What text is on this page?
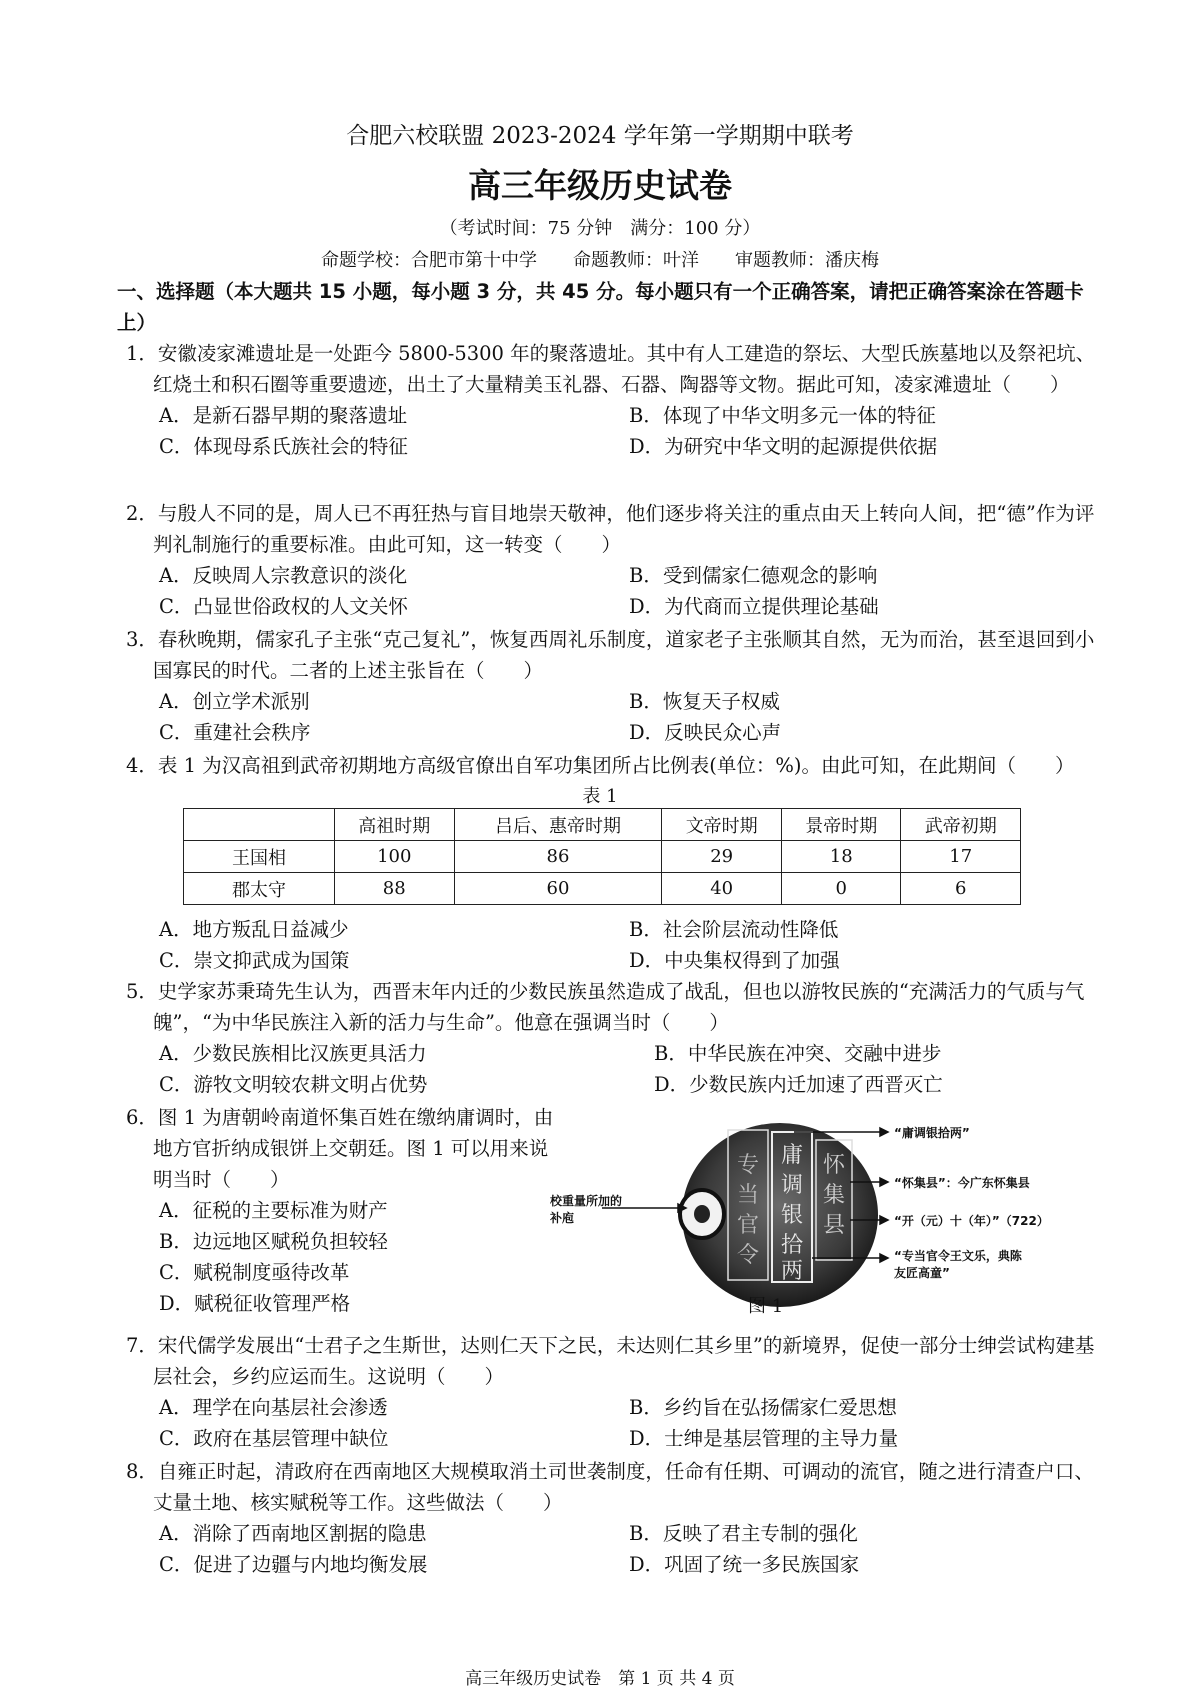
合肥六校联盟 2023-2024 学年第一学期期中联考
高三年级历史试卷
（考试时间：75 分钟　满分：100 分）
命题学校：合肥市第十中学　　命题教师：叶洋　　审题教师：潘庆梅
一、选择题（本大题共 15 小题，每小题 3 分，共 45 分。每小题只有一个正确答案，请把正确答案涂在答题卡上）
1．安徽凌家滩遗址是一处距今 5800-5300 年的聚落遗址。其中有人工建造的祭坛、大型氏族墓地以及祭祀坑、红烧土和积石圈等重要遗迹，出土了大量精美玉礼器、石器、陶器等文物。据此可知，凌家滩遗址（　　）
A．是新石器早期的聚落遗址	B．体现了中华文明多元一体的特征
C．体现母系氏族社会的特征	D．为研究中华文明的起源提供依据
2．与殷人不同的是，周人已不再狂热与盲目地崇天敬神，他们逐步将关注的重点由天上转向人间，把“德”作为评判礼制施行的重要标准。由此可知，这一转变（　　）
A．反映周人宗教意识的淡化	B．受到儒家仁德观念的影响
C．凸显世俗政权的人文关怀	D．为代商而立提供理论基础
3．春秋晚期，儒家孔子主张“克己复礼”，恢复西周礼乐制度，道家老子主张顺其自然，无为而治，甚至退回到小国寡民的时代。二者的上述主张旨在（　　）
A．创立学术派别	B．恢复天子权威
C．重建社会秩序	D．反映民众心声
4．表 1 为汉高祖到武帝初期地方高级官僚出自军功集团所占比例表(单位：%)。由此可知，在此期间（　　）
表 1
	高祖时期	吕后、惠帝时期	文帝时期	景帝时期	武帝初期
王国相	100	86	29	18	17
郡太守	88	60	40	0	6
A．地方叛乱日益减少	B．社会阶层流动性降低
C．崇文抑武成为国策	D．中央集权得到了加强
5．史学家苏秉琦先生认为，西晋末年内迁的少数民族虽然造成了战乱，但也以游牧民族的“充满活力的气质与气魄”，“为中华民族注入新的活力与生命”。他意在强调当时（　　）
A．少数民族相比汉族更具活力	B．中华民族在冲突、交融中进步
C．游牧文明较农耕文明占优势	D．少数民族内迁加速了西晋灭亡
6．图 1 为唐朝岭南道怀集百姓在缴纳庸调时，由地方官折纳成银饼上交朝廷。图 1 可以用来说明当时（　　）
A．征税的主要标准为财产
B．边远地区赋税负担较轻
C．赋税制度亟待改革
D．赋税征收管理严格
庸
调
银
拾
两
怀
集
县
专
当
官
令
校重量所加的
补庖
“庸调银拾两”
“怀集县”：今广东怀集县
“开（元）十（年）”（722）
“专当官令王文乐，典陈
友匠高童”
图 1
7．宋代儒学发展出“士君子之生斯世，达则仁天下之民，未达则仁其乡里”的新境界，促使一部分士绅尝试构建基层社会，乡约应运而生。这说明（　　）
A．理学在向基层社会渗透	B．乡约旨在弘扬儒家仁爱思想
C．政府在基层管理中缺位	D．士绅是基层管理的主导力量
8．自雍正时起，清政府在西南地区大规模取消土司世袭制度，任命有任期、可调动的流官，随之进行清查户口、丈量土地、核实赋税等工作。这些做法（　　）
A．消除了西南地区割据的隐患	B．反映了君主专制的强化
C．促进了边疆与内地均衡发展	D．巩固了统一多民族国家
高三年级历史试卷　第 1 页 共 4 页
